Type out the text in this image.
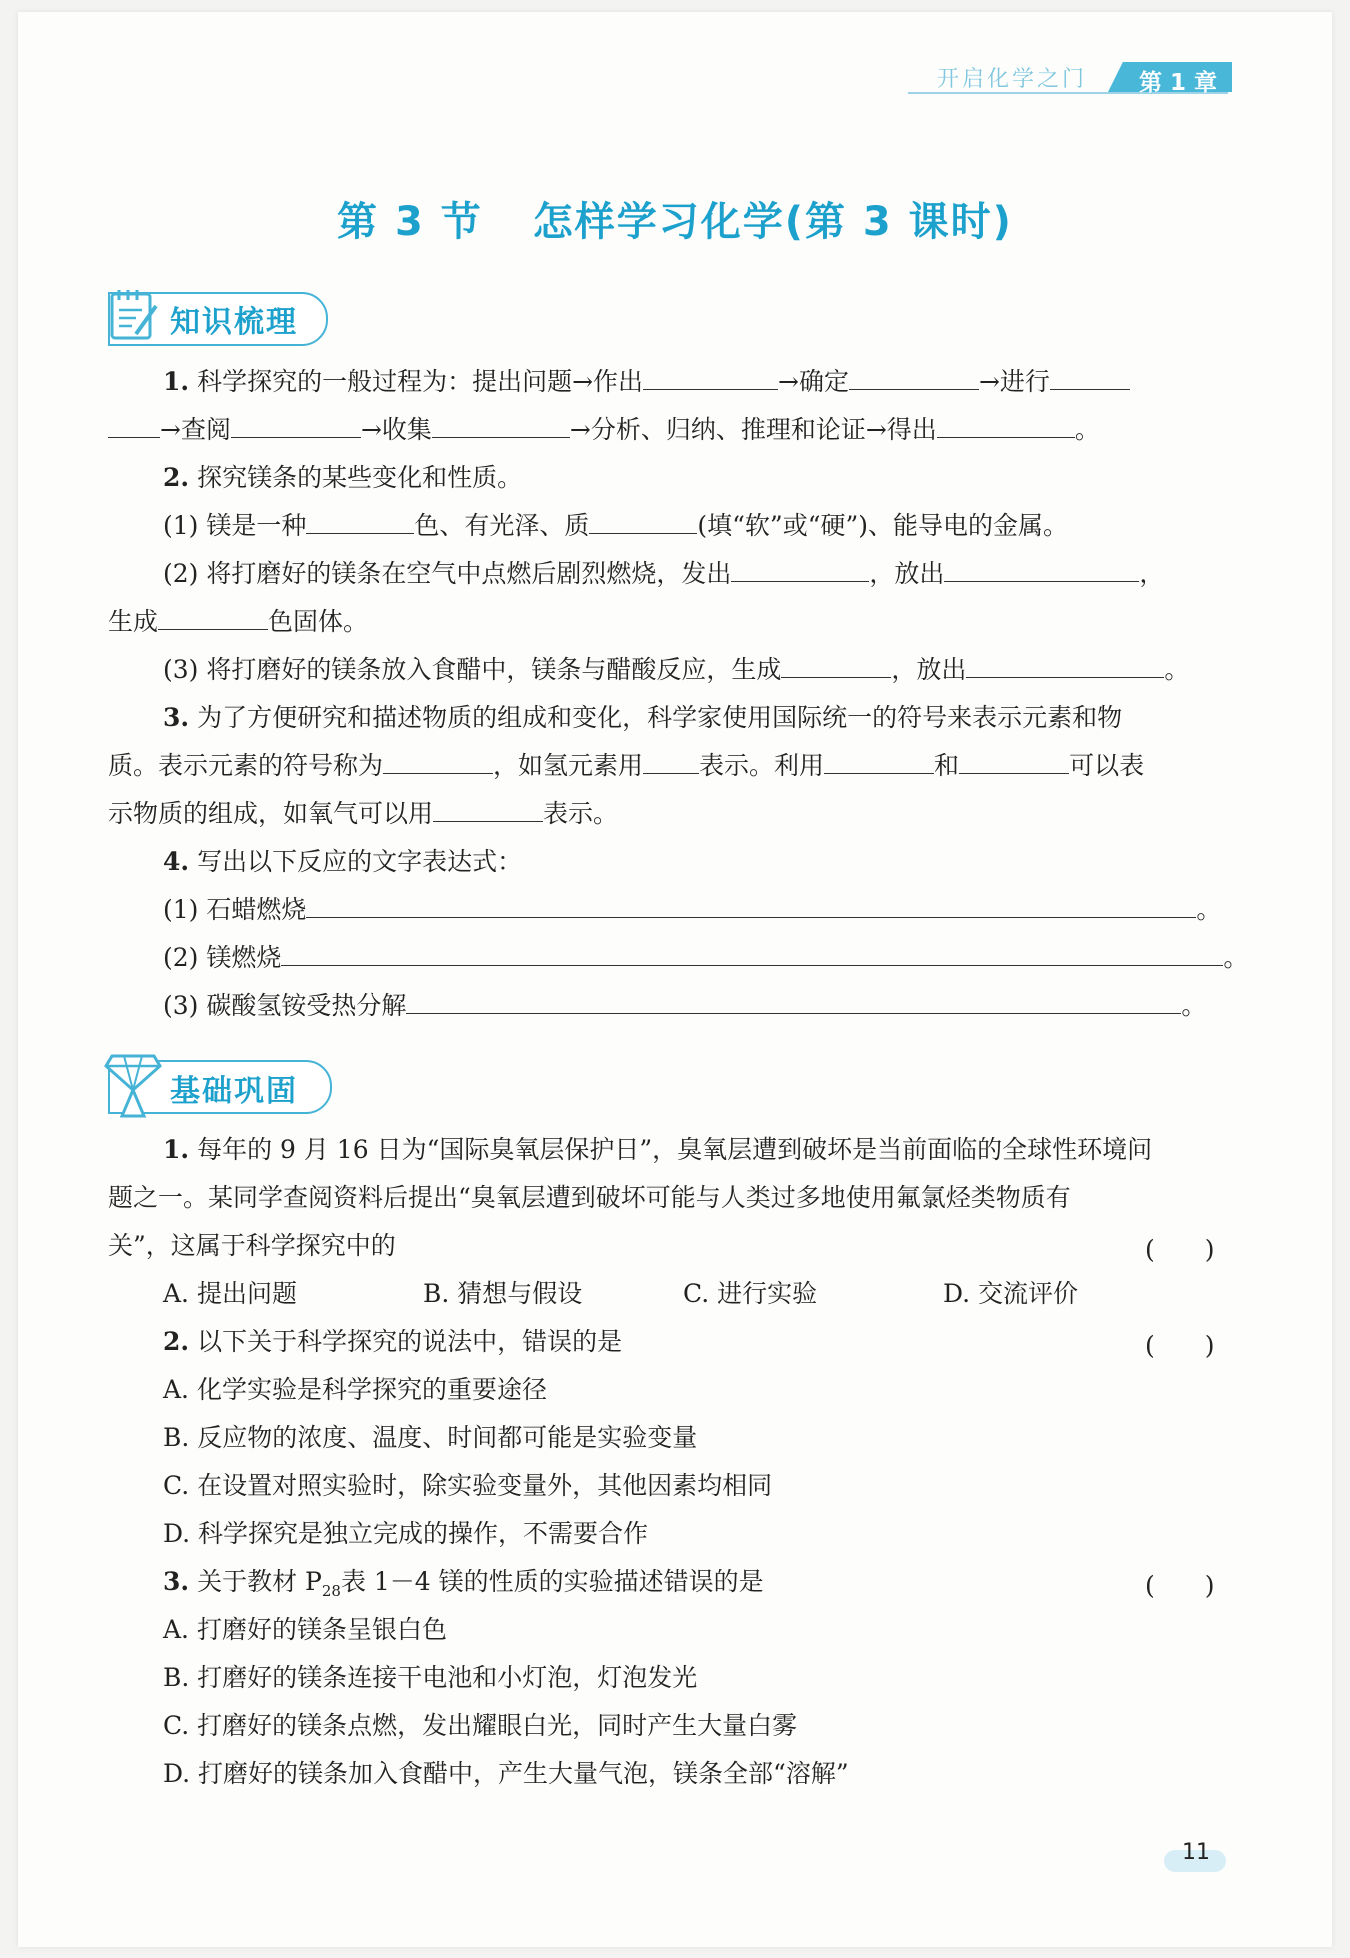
开启化学之门 第 1 章
第 3 节 怎样学习化学(第 3 课时)
知识梳理
1. 科学探究的一般过程为：提出问题→作出	→确定	→进行
→查阅	→收集	→分析、归纳、推理和论证→得出	。
2. 探究镁条的某些变化和性质。
(1) 镁是一种	色、有光泽、质	(填“软”或“硬”)、能导电的金属。
(2) 将打磨好的镁条在空气中点燃后剧烈燃烧，发出	，放出	，
生成	色固体。
(3) 将打磨好的镁条放入食醋中，镁条与醋酸反应，生成	，放出	。
3. 为了方便研究和描述物质的组成和变化，科学家使用国际统一的符号来表示元素和物
质。表示元素的符号称为	，如氢元素用 表示。利用	和	可以表
示物质的组成，如氧气可以用	表示。
4. 写出以下反应的文字表达式：
(1) 石蜡燃烧	。
(2) 镁燃烧	。
(3) 碳酸氢铵受热分解	。
基础巩固
1. 每年的 9 月 16 日为“国际臭氧层保护日”，臭氧层遭到破坏是当前面临的全球性环境问
题之一。某同学查阅资料后提出“臭氧层遭到破坏可能与人类过多地使用氟氯烃类物质有
关”，这属于科学探究中的	(　　)
A. 提出问题	B. 猜想与假设	C. 进行实验	D. 交流评价
2. 以下关于科学探究的说法中，错误的是	(　　)
A. 化学实验是科学探究的重要途径
B. 反应物的浓度、温度、时间都可能是实验变量
C. 在设置对照实验时，除实验变量外，其他因素均相同
D. 科学探究是独立完成的操作，不需要合作
3. 关于教材 $P_{28}$表 1－4 镁的性质的实验描述错误的是	(　　)
A. 打磨好的镁条呈银白色
B. 打磨好的镁条连接干电池和小灯泡，灯泡发光
C. 打磨好的镁条点燃，发出耀眼白光，同时产生大量白雾
D. 打磨好的镁条加入食醋中，产生大量气泡，镁条全部“溶解”
11
